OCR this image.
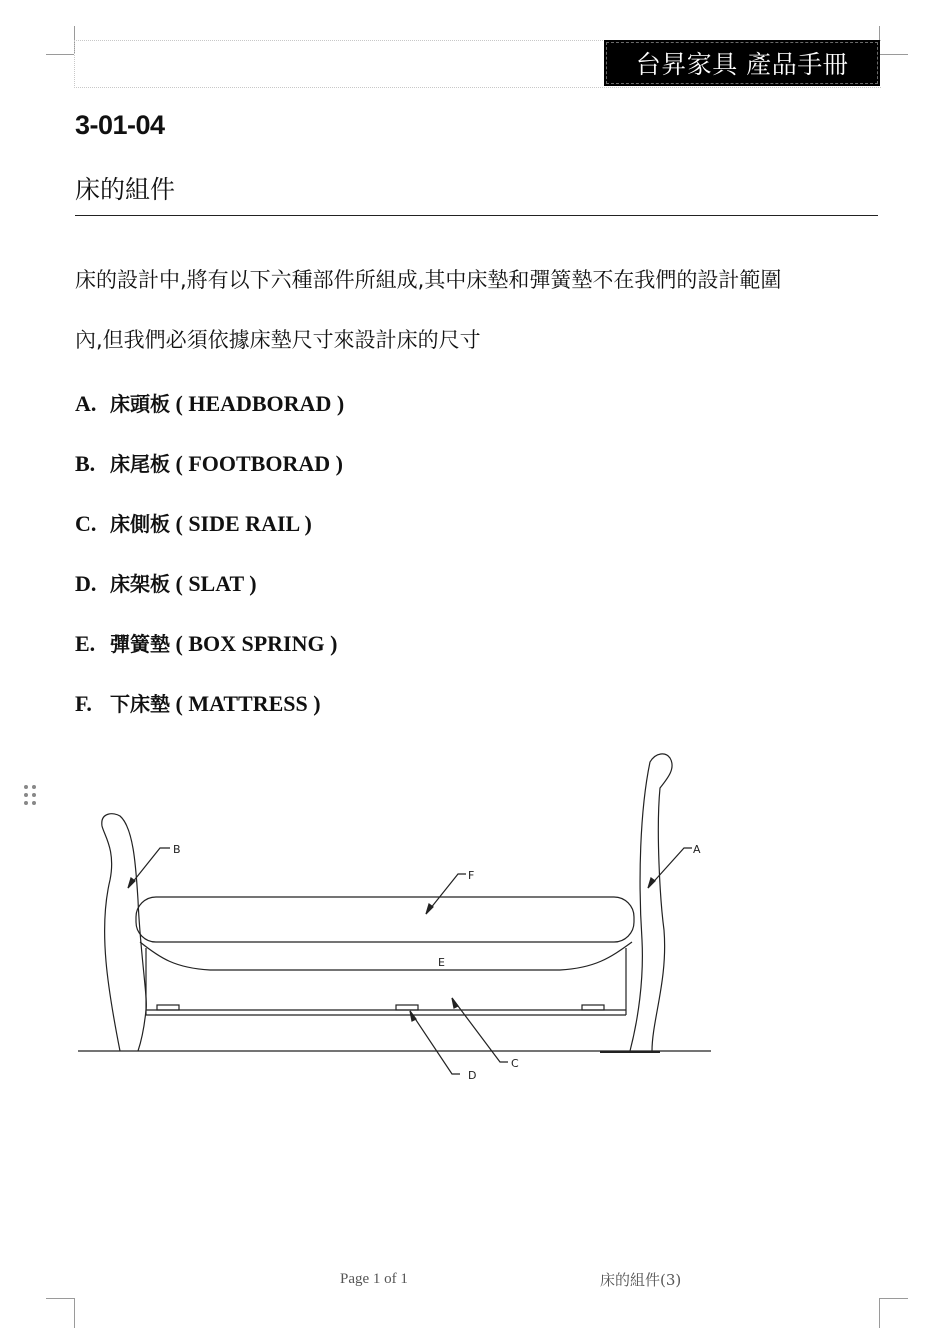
台昇家具 產品手冊
3-01-04
床的組件
床的設計中,將有以下六種部件所組成,其中床墊和彈簧墊不在我們的設計範圍
內,但我們必須依據床墊尺寸來設計床的尺寸
A. 床頭板 ( HEADBORAD )
B. 床尾板 ( FOOTBORAD )
C. 床側板 ( SIDE RAIL )
D. 床架板 ( SLAT )
E. 彈簧墊 ( BOX SPRING )
F. 下床墊 ( MATTRESS )
B	A
F
E
C
D
Page 1 of 1	床的組件(3)
